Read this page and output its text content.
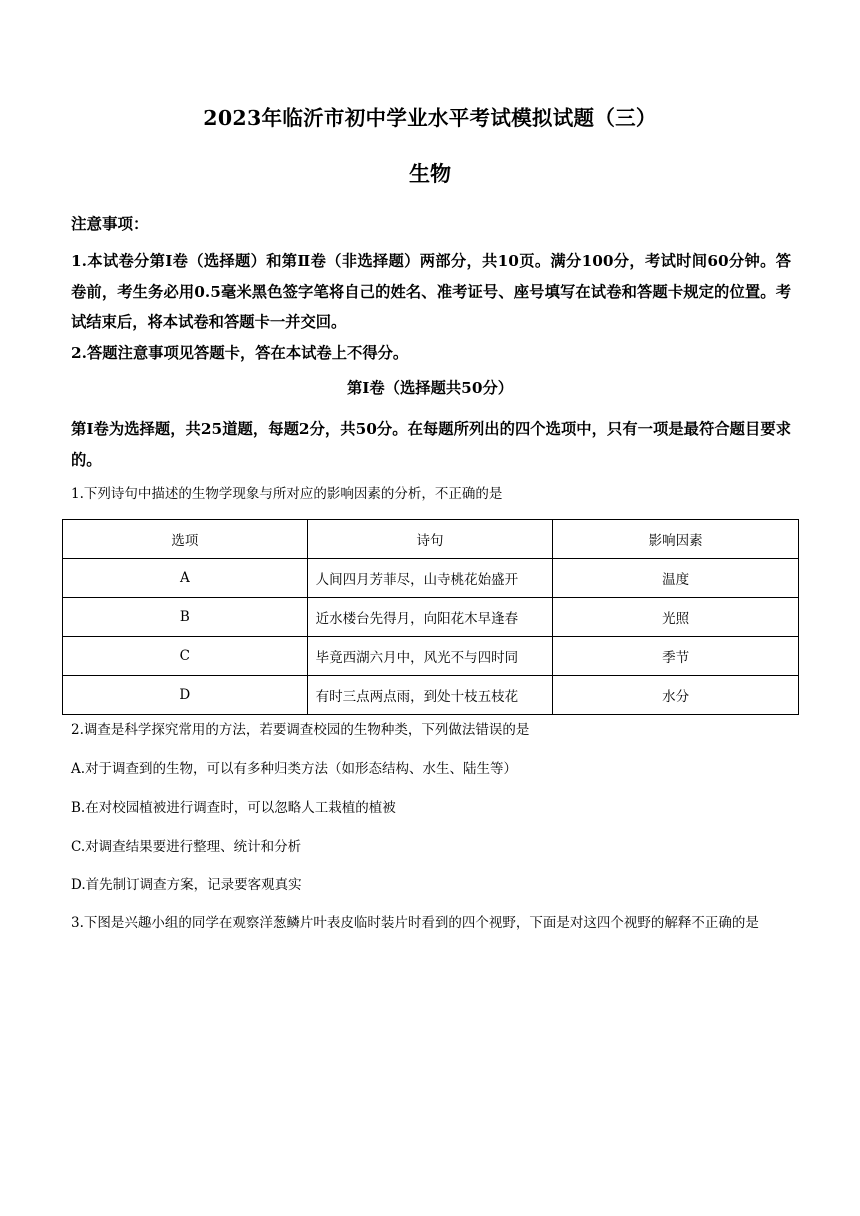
2023年临沂市初中学业水平考试模拟试题（三）
生物
注意事项：
1.本试卷分第Ⅰ卷（选择题）和第Ⅱ卷（非选择题）两部分，共10页。满分100分，考试时间60分钟。答卷前，考生务必用0.5毫米黑色签字笔将自己的姓名、准考证号、座号填写在试卷和答题卡规定的位置。考试结束后，将本试卷和答题卡一并交回。
2.答题注意事项见答题卡，答在本试卷上不得分。
第Ⅰ卷（选择题共50分）
第Ⅰ卷为选择题，共25道题，每题2分，共50分。在每题所列出的四个选项中，只有一项是最符合题目要求的。
1.下列诗句中描述的生物学现象与所对应的影响因素的分析，不正确的是
选项	诗句	影响因素
A	人间四月芳菲尽，山寺桃花始盛开	温度
B	近水楼台先得月，向阳花木早逢春	光照
C	毕竟西湖六月中，风光不与四时同	季节
D	有时三点两点雨，到处十枝五枝花	水分
2.调查是科学探究常用的方法，若要调查校园的生物种类，下列做法错误的是
A.对于调查到的生物，可以有多种归类方法（如形态结构、水生、陆生等）
B.在对校园植被进行调查时，可以忽略人工栽植的植被
C.对调查结果要进行整理、统计和分析
D.首先制订调查方案，记录要客观真实
3.下图是兴趣小组的同学在观察洋葱鳞片叶表皮临时装片时看到的四个视野，下面是对这四个视野的解释不正确的是
